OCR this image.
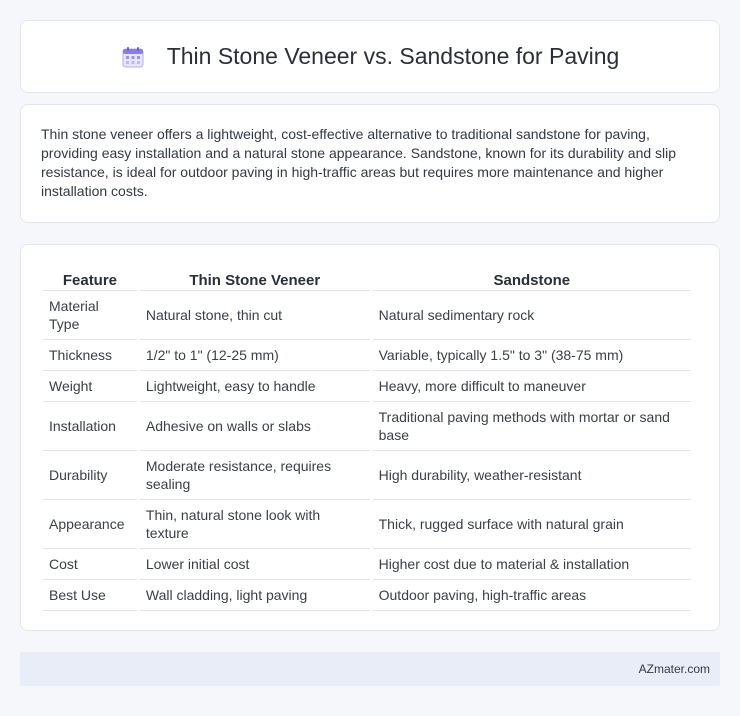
Thin Stone Veneer vs. Sandstone for Paving

Thin stone veneer offers a lightweight, cost-effective alternative to traditional sandstone for paving, providing easy installation and a natural stone appearance. Sandstone, known for its durability and slip resistance, is ideal for outdoor paving in high-traffic areas but requires more maintenance and higher installation costs.

Feature	Thin Stone Veneer	Sandstone
Material Type	Natural stone, thin cut	Natural sedimentary rock
Thickness	1/2" to 1" (12-25 mm)	Variable, typically 1.5" to 3" (38-75 mm)
Weight	Lightweight, easy to handle	Heavy, more difficult to maneuver
Installation	Adhesive on walls or slabs	Traditional paving methods with mortar or sand base
Durability	Moderate resistance, requires sealing	High durability, weather-resistant
Appearance	Thin, natural stone look with texture	Thick, rugged surface with natural grain
Cost	Lower initial cost	Higher cost due to material & installation
Best Use	Wall cladding, light paving	Outdoor paving, high-traffic areas
AZmater.com
